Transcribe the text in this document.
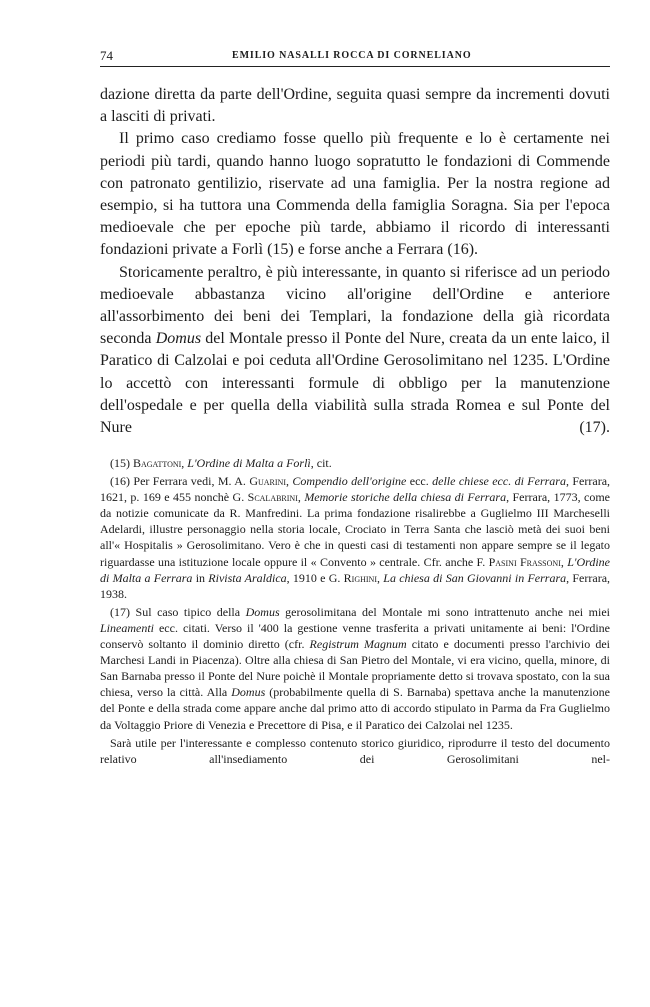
74	EMILIO NASALLI ROCCA DI CORNELIANO

dazione diretta da parte dell'Ordine, seguita quasi sempre da incrementi dovuti a lasciti di privati.

Il primo caso crediamo fosse quello più frequente e lo è certamente nei periodi più tardi, quando hanno luogo sopratutto le fondazioni di Commende con patronato gentilizio, riservate ad una famiglia. Per la nostra regione ad esempio, si ha tuttora una Commenda della famiglia Soragna. Sia per l'epoca medioevale che per epoche più tarde, abbiamo il ricordo di interessanti fondazioni private a Forlì (15) e forse anche a Ferrara (16).

Storicamente peraltro, è più interessante, in quanto si riferisce ad un periodo medioevale abbastanza vicino all'origine dell'Ordine e anteriore all'assorbimento dei beni dei Templari, la fondazione della già ricordata seconda Domus del Montale presso il Ponte del Nure, creata da un ente laico, il Paratico di Calzolai e poi ceduta all'Ordine Gerosolimitano nel 1235. L'Ordine lo accettò con interessanti formule di obbligo per la manutenzione dell'ospedale e per quella della viabilità sulla strada Romea e sul Ponte del Nure (17).

(15) Bagattoni, L'Ordine di Malta a Forlì, cit.

(16) Per Ferrara vedi, M. A. Guarini, Compendio dell'origine ecc. delle chiese ecc. di Ferrara, Ferrara, 1621, p. 169 e 455 nonchè G. Scalabrini, Memorie storiche della chiesa di Ferrara, Ferrara, 1773, come da notizie comunicate da R. Manfredini. La prima fondazione risalirebbe a Guglielmo III Marcheselli Adelardi, illustre personaggio nella storia locale, Crociato in Terra Santa che lasciò metà dei suoi beni all'« Hospitalis » Gerosolimitano. Vero è che in questi casi di testamenti non appare sempre se il legato riguardasse una istituzione locale oppure il « Convento » centrale. Cfr. anche F. Pasini Frassoni, L'Ordine di Malta a Ferrara in Rivista Araldica, 1910 e G. Righini, La chiesa di San Giovanni in Ferrara, Ferrara, 1938.

(17) Sul caso tipico della Domus gerosolimitana del Montale mi sono intrattenuto anche nei miei Lineamenti ecc. citati. Verso il '400 la gestione venne trasferita a privati unitamente ai beni: l'Ordine conservò soltanto il dominio diretto (cfr. Registrum Magnum citato e documenti presso l'archivio dei Marchesi Landi in Piacenza). Oltre alla chiesa di San Pietro del Montale, vi era vicino, quella, minore, di San Barnaba presso il Ponte del Nure poichè il Montale propriamente detto si trovava spostato, con la sua chiesa, verso la città. Alla Domus (probabilmente quella di S. Barnaba) spettava anche la manutenzione del Ponte e della strada come appare anche dal primo atto di accordo stipulato in Parma da Fra Guglielmo da Voltaggio Priore di Venezia e Precettore di Pisa, e il Paratico dei Calzolai nel 1235.

Sarà utile per l'interessante e complesso contenuto storico giuridico, riprodurre il testo del documento relativo all'insediamento dei Gerosolimitani nel-
